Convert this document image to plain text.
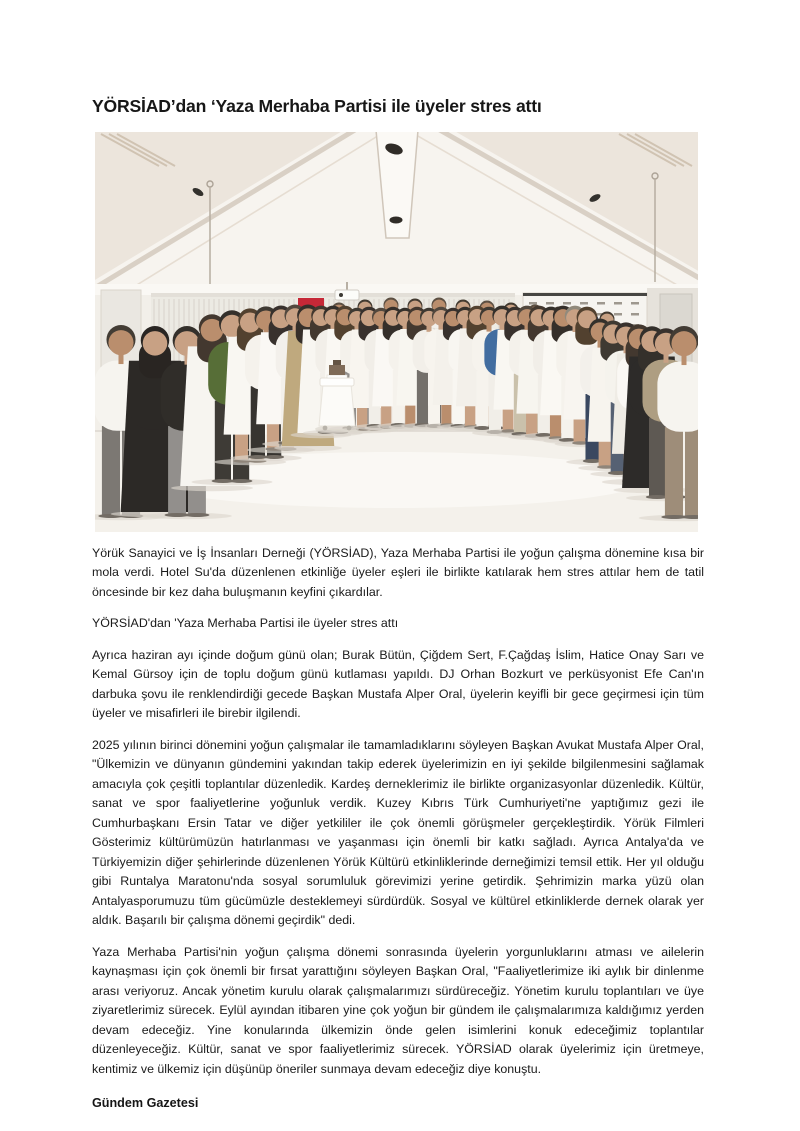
YÖRSİAD’dan ‘Yaza Merhaba Partisi ile üyeler stres attı

Yörük Sanayici ve İş İnsanları Derneği (YÖRSİAD), Yaza Merhaba Partisi ile yoğun çalışma dönemine kısa bir mola verdi. Hotel Su'da düzenlenen etkinliğe üyeler eşleri ile birlikte katılarak hem stres attılar hem de tatil öncesinde bir kez daha buluşmanın keyfini çıkardılar.

YÖRSİAD'dan 'Yaza Merhaba Partisi ile üyeler stres attı

Ayrıca haziran ayı içinde doğum günü olan; Burak Bütün, Çiğdem Sert, F.Çağdaş İslim, Hatice Onay Sarı ve Kemal Gürsoy için de toplu doğum günü kutlaması yapıldı. DJ Orhan Bozkurt ve perküsyonist Efe Can'ın darbuka şovu ile renklendirdiği gecede Başkan Mustafa Alper Oral, üyelerin keyifli bir gece geçirmesi için tüm üyeler ve misafirleri ile birebir ilgilendi.

2025 yılının birinci dönemini yoğun çalışmalar ile tamamladıklarını söyleyen Başkan Avukat Mustafa Alper Oral, "Ülkemizin ve dünyanın gündemini yakından takip ederek üyelerimizin en iyi şekilde bilgilenmesini sağlamak amacıyla çok çeşitli toplantılar düzenledik. Kardeş derneklerimiz ile birlikte organizasyonlar düzenledik. Kültür, sanat ve spor faaliyetlerine yoğunluk verdik. Kuzey Kıbrıs Türk Cumhuriyeti'ne yaptığımız gezi ile Cumhurbaşkanı Ersin Tatar ve diğer yetkililer ile çok önemli görüşmeler gerçekleştirdik. Yörük Filmleri Gösterimiz kültürümüzün hatırlanması ve yaşanması için önemli bir katkı sağladı. Ayrıca Antalya'da ve Türkiyemizin diğer şehirlerinde düzenlenen Yörük Kültürü etkinliklerinde derneğimizi temsil ettik. Her yıl olduğu gibi Runtalya Maratonu'nda sosyal sorumluluk görevimizi yerine getirdik. Şehrimizin marka yüzü olan Antalyasporumuzu tüm gücümüzle desteklemeyi sürdürdük. Sosyal ve kültürel etkinliklerde dernek olarak yer aldık. Başarılı bir çalışma dönemi geçirdik" dedi.

Yaza Merhaba Partisi'nin yoğun çalışma dönemi sonrasında üyelerin yorgunluklarını atması ve ailelerin kaynaşması için çok önemli bir fırsat yarattığını söyleyen Başkan Oral, "Faaliyetlerimize iki aylık bir dinlenme arası veriyoruz. Ancak yönetim kurulu olarak çalışmalarımızı sürdüreceğiz. Yönetim kurulu toplantıları ve üye ziyaretlerimiz sürecek. Eylül ayından itibaren yine çok yoğun bir gündem ile çalışmalarımıza kaldığımız yerden devam edeceğiz. Yine konularında ülkemizin önde gelen isimlerini konuk edeceğimiz toplantılar düzenleyeceğiz. Kültür, sanat ve spor faaliyetlerimiz sürecek. YÖRSİAD olarak üyelerimiz için üretmeye, kentimiz ve ülkemiz için düşünüp öneriler sunmaya devam edeceğiz diye konuştu.

Gündem Gazetesi
